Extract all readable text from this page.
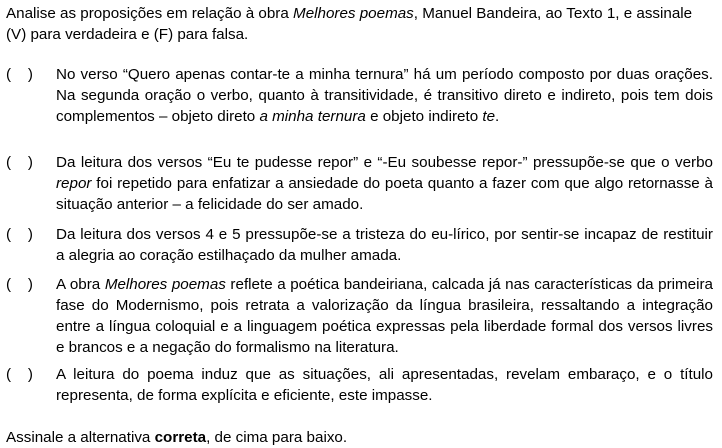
Analise as proposições em relação à obra Melhores poemas, Manuel Bandeira, ao Texto 1, e assinale (V) para verdadeira e (F) para falsa.

(    ) No verso “Quero apenas contar-te a minha ternura” há um período composto por duas orações. Na segunda oração o verbo, quanto à transitividade, é transitivo direto e indireto, pois tem dois complementos – objeto direto a minha ternura e objeto indireto te.

(    ) Da leitura dos versos “Eu te pudesse repor” e “-Eu soubesse repor-” pressupõe-se que o verbo repor foi repetido para enfatizar a ansiedade do poeta quanto a fazer com que algo retornasse à situação anterior – a felicidade do ser amado.

(    ) Da leitura dos versos 4 e 5 pressupõe-se a tristeza do eu-lírico, por sentir-se incapaz de restituir a alegria ao coração estilhaçado da mulher amada.

(    ) A obra Melhores poemas reflete a poética bandeiriana, calcada já nas características da primeira fase do Modernismo, pois retrata a valorização da língua brasileira, ressaltando a integração entre a língua coloquial e a linguagem poética expressas pela liberdade formal dos versos livres e brancos e a negação do formalismo na literatura.

(    ) A leitura do poema induz que as situações, ali apresentadas, revelam embaraço, e o título representa, de forma explícita e eficiente, este impasse.

Assinale a alternativa correta, de cima para baixo.
